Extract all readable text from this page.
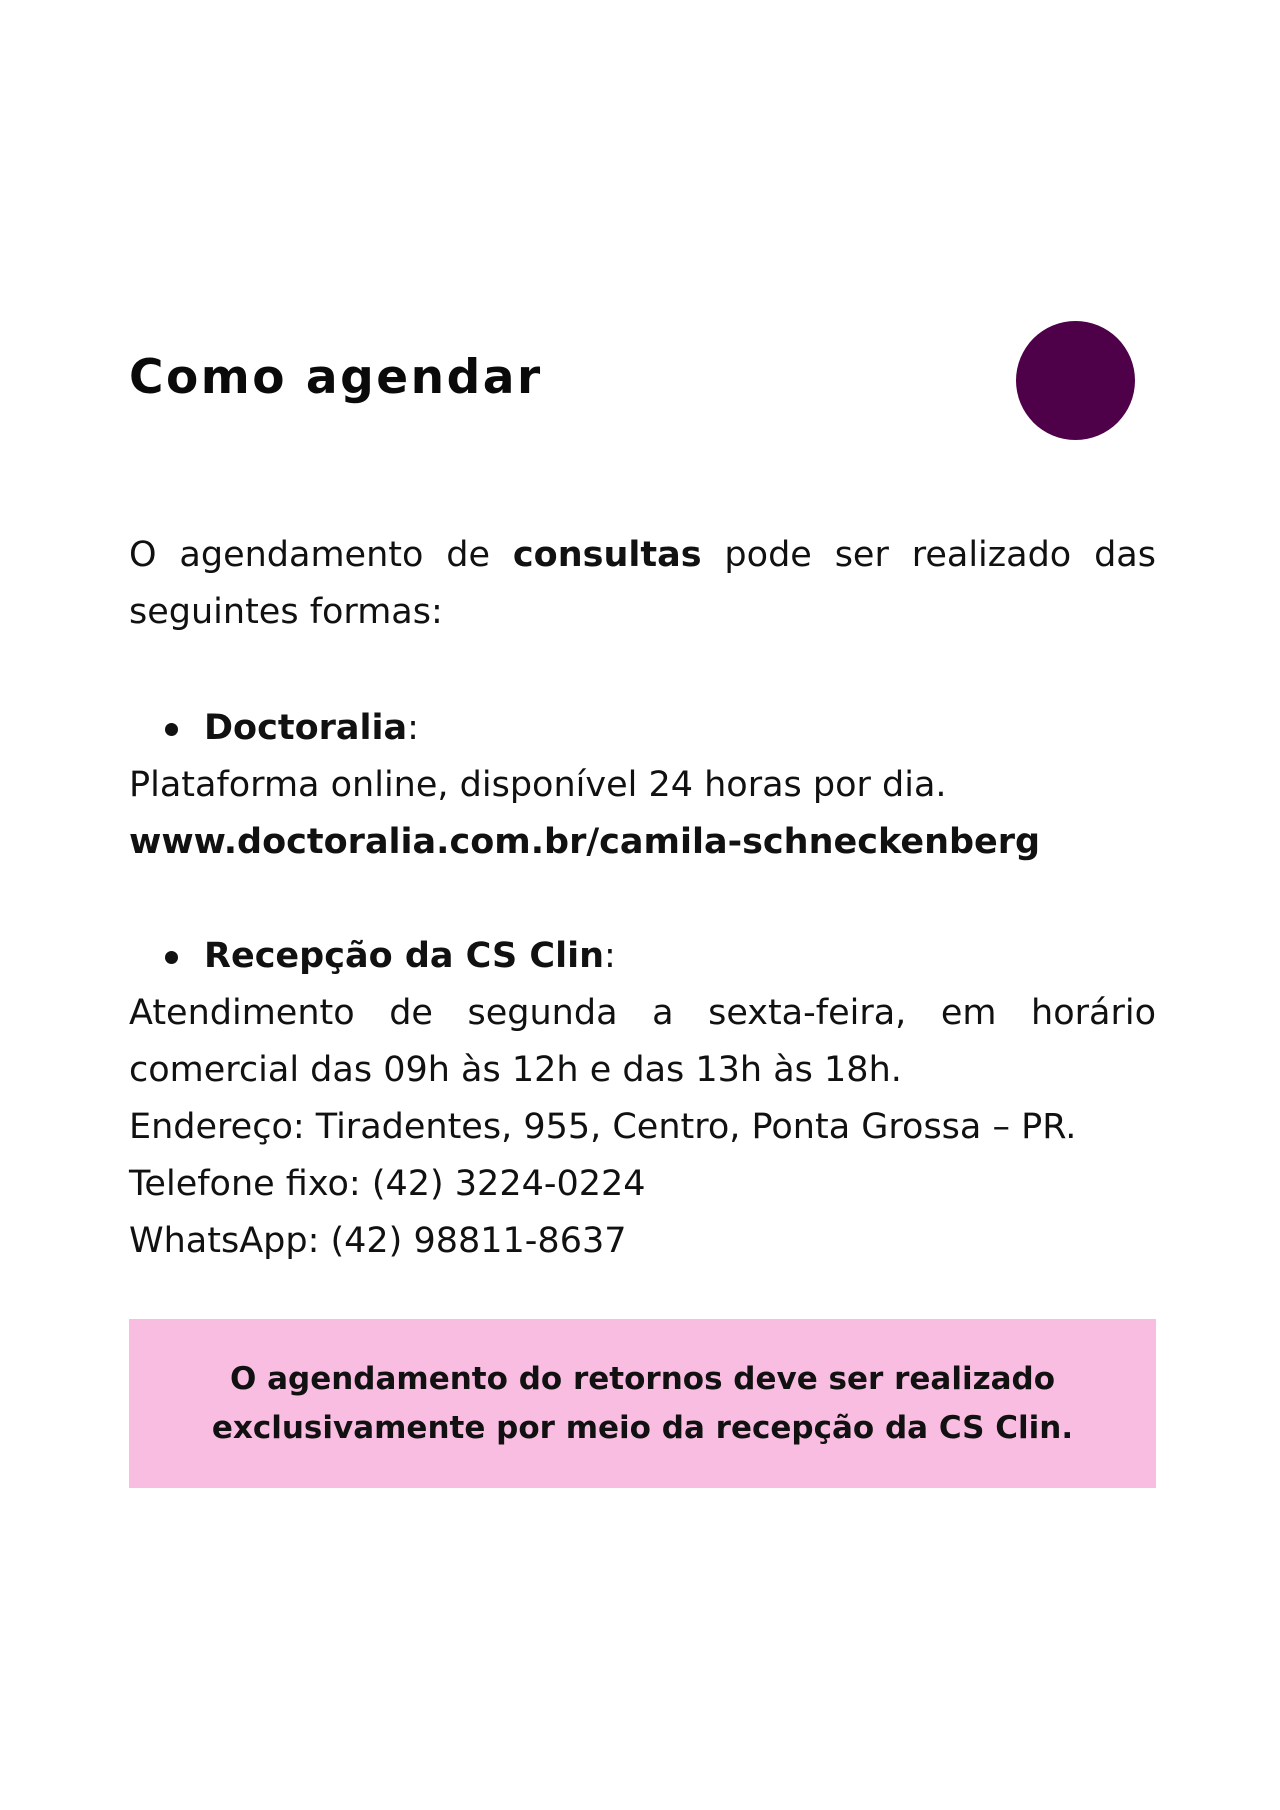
Como agendar
O agendamento de consultas pode ser realizado das seguintes formas:
Doctoralia:
Plataforma online, disponível 24 horas por dia.
www.doctoralia.com.br/camila-schneckenberg
Recepção da CS Clin:
Atendimento de segunda a sexta-feira, em horário
comercial das 09h às 12h e das 13h às 18h.
Endereço: Tiradentes, 955, Centro, Ponta Grossa – PR.
Telefone fixo: (42) 3224-0224
WhatsApp: (42) 98811-8637
O agendamento do retornos deve ser realizado
exclusivamente por meio da recepção da CS Clin.
